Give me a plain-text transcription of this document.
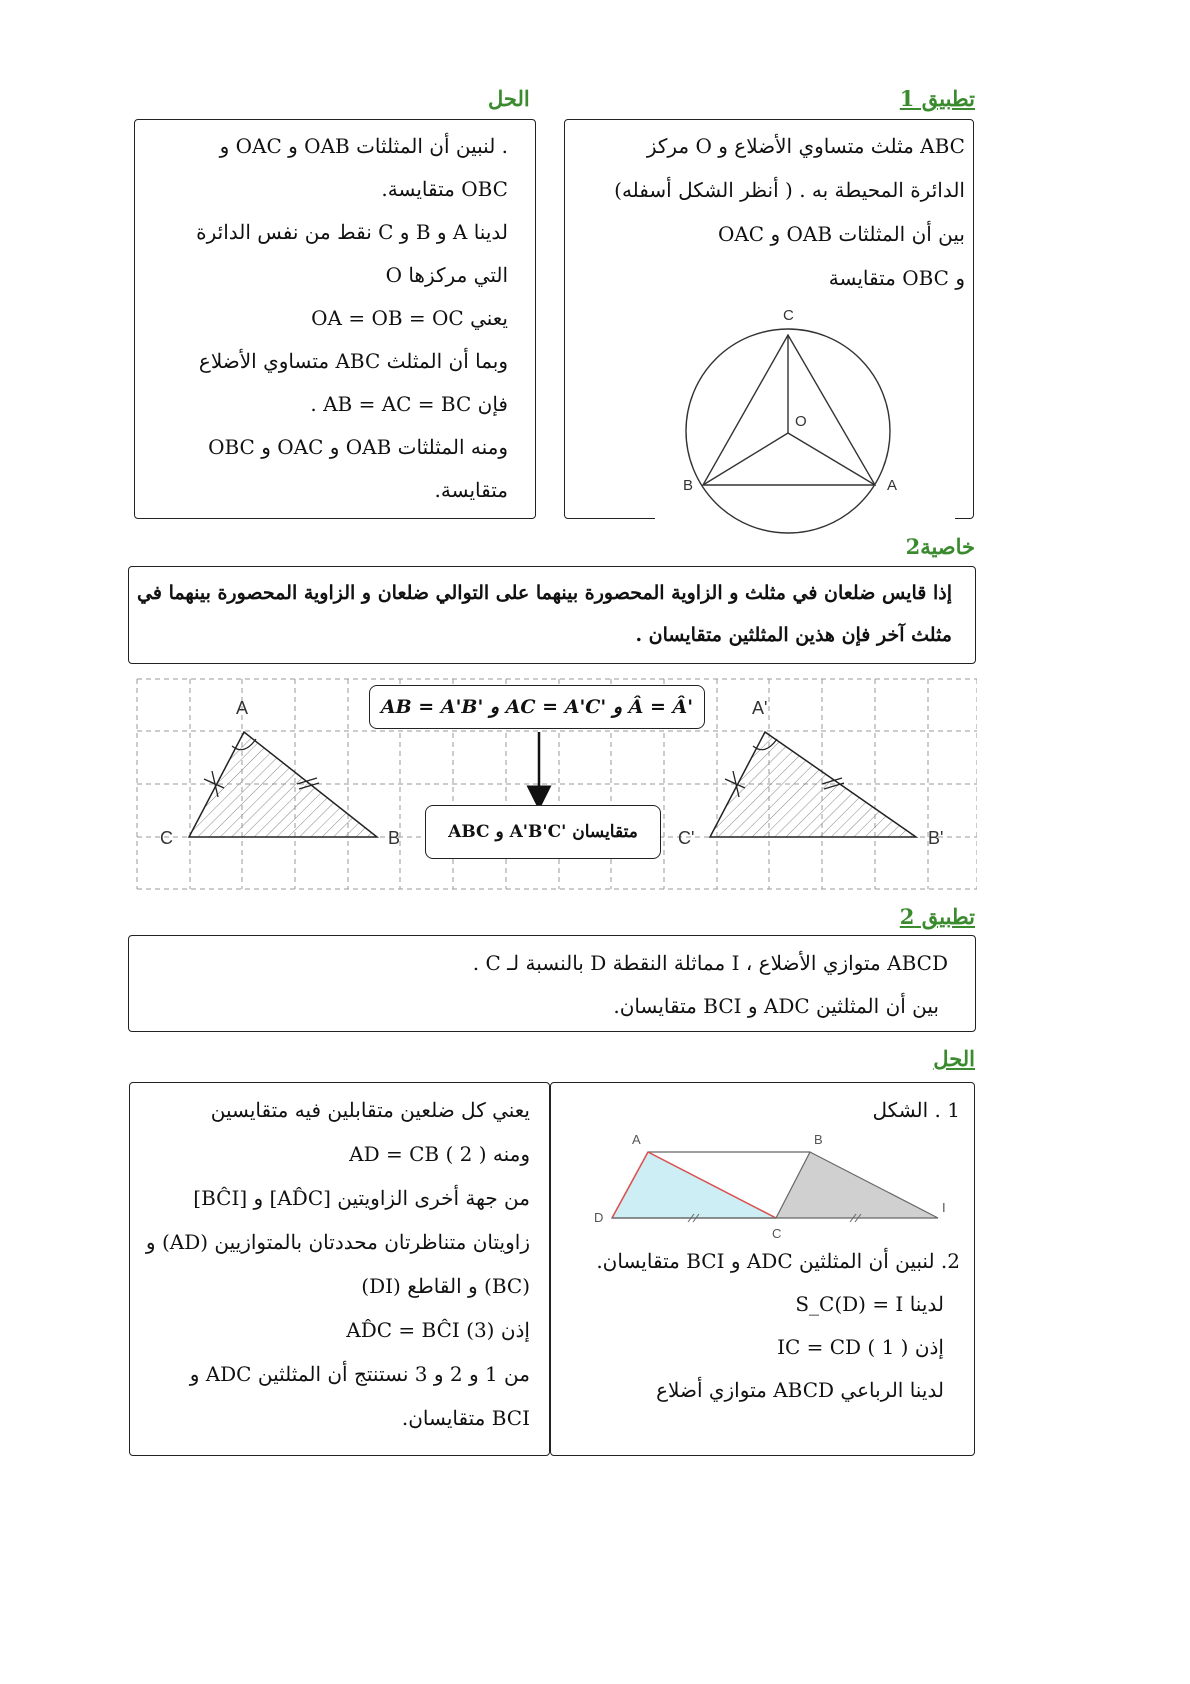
تطبيق 1
الحل
ABC مثلث متساوي الأضلاع و O مركز
الدائرة المحيطة به . ( أنظر الشكل أسفله)
بين أن المثلثات OAB و OAC
و OBC متقايسة
C
O
B	A
. لنبين أن المثلثات OAB و OAC و
OBC متقايسة.
لدينا A و B و C نقط من نفس الدائرة
التي مركزها O
يعني OA = OB = OC
وبما أن المثلث ABC متساوي الأضلاع
فإن AB = AC = BC .
ومنه المثلثات OAB و OAC و OBC
متقايسة.
خاصية2
إذا قايس ضلعان في مثلث و الزاوية المحصورة بينهما على التوالي ضلعان و الزاوية المحصورة بينهما في
مثلث آخر فإن هذين المثلثين متقايسان .
A
C	B
A'
C'	B'
AB = A'B' و AC = A'C' و Â = Â'
ABC و A'B'C' متقايسان
تطبيق 2
ABCD متوازي الأضلاع ، I مماثلة النقطة D بالنسبة لـ C .
بين أن المثلثين ADC و BCI متقايسان.
الحل
1 . الشكل
A	B
D
C
I
2. لنبين أن المثلثين ADC و BCI متقايسان.
لدينا S_C(D) = I
إذن IC = CD ( 1 )
لدينا الرباعي ABCD متوازي أضلاع
يعني كل ضلعين متقابلين فيه متقايسين
ومنه AD = CB ( 2 )
من جهة أخرى الزاويتين [AD̂C] و [BĈI]
زاويتان متناظرتان محددتان بالمتوازيين (AD) و
(BC) و القاطع (DI)
إذن AD̂C = BĈI (3)
من 1 و 2 و 3 نستنتج أن المثلثين ADC و
BCI متقايسان.
